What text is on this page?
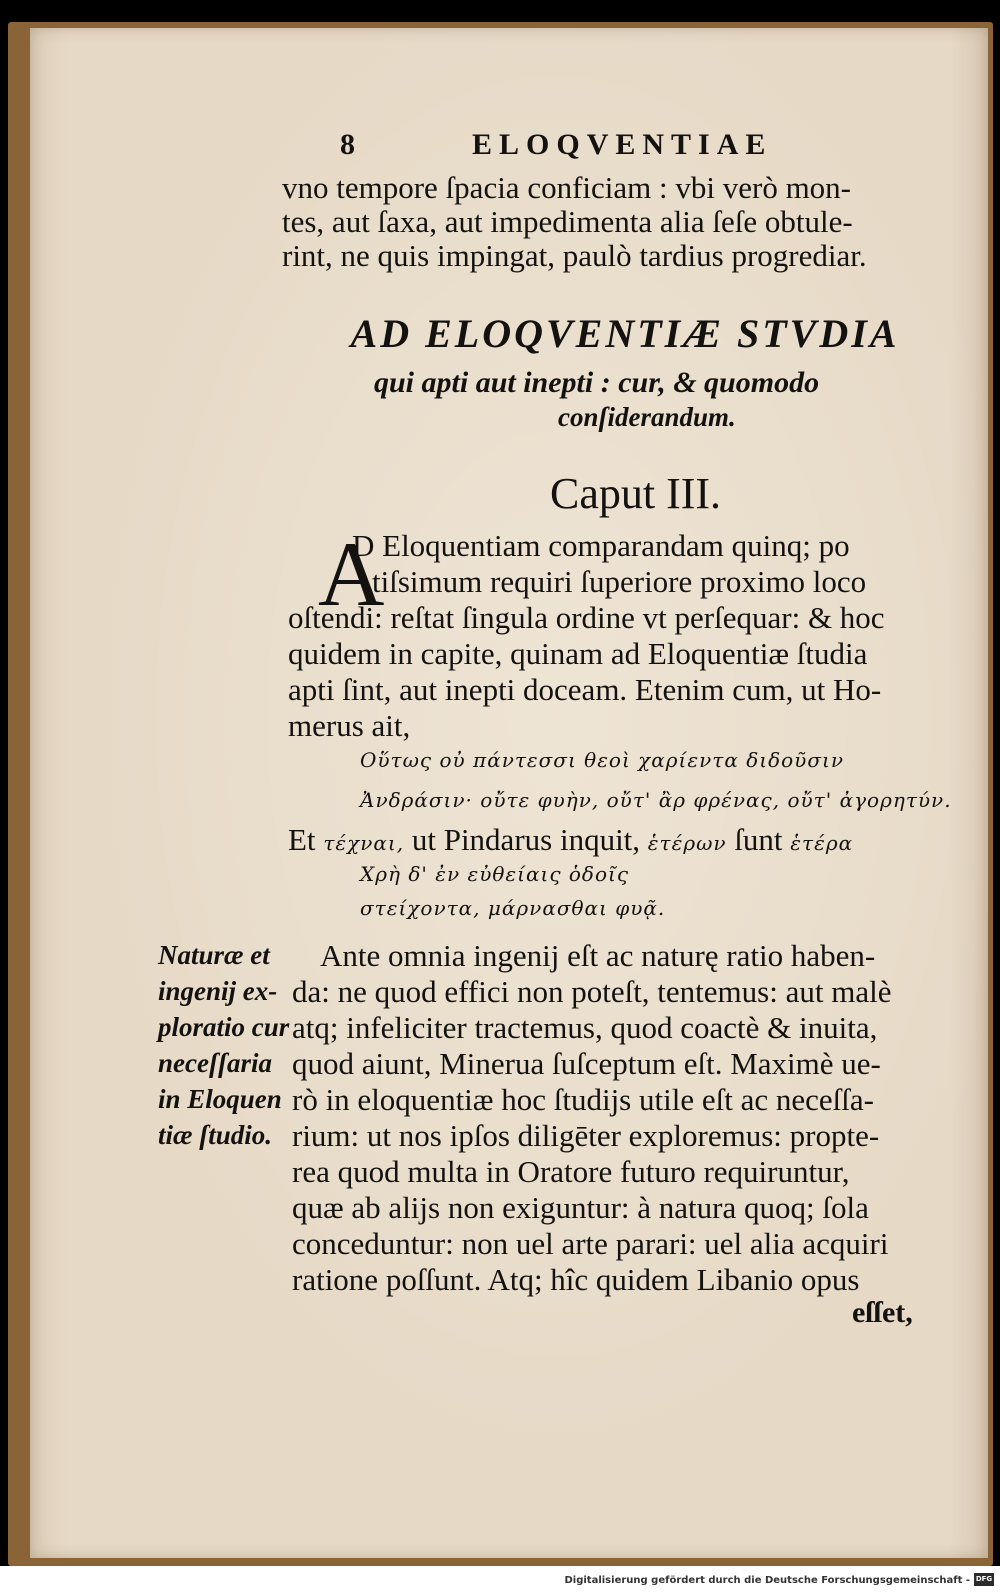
8	ELOQVENTIAE
vno tempore ſpacia conficiam : vbi verò mon-
tes, aut ſaxa, aut impedimenta alia ſeſe obtule-
rint, ne quis impingat, paulò tardius progrediar.
AD ELOQVENTIÆ STVDIA
qui apti aut inepti : cur, & quomodo
conſiderandum.
Caput III.
A
D Eloquentiam comparandam quinq; po
tiſsimum requiri ſuperiore proximo loco
oſtendi: reſtat ſingula ordine vt perſequar: & hoc
quidem in capite, quinam ad Eloquentiæ ſtudia
apti ſint, aut inepti doceam. Etenim cum, ut Ho-
merus ait,
Οὕτως οὐ πάντεσσι θεοὶ χαρίεντα διδοῦσιν
Ἀνδράσιν· οὔτε φυὴν, οὔτ' ἂρ φρένας, οὔτ' ἀγορητύν.
Et τέχναι, ut Pindarus inquit, ἑτέρων ſunt ἑτέρα
Χρὴ δ' ἐν εὐθείαις ὁδοῖς
στείχοντα, μάρνασθαι φυᾷ.
Naturæ et
ingenij ex-
ploratio cur
neceſſaria
in Eloquen
tiæ ſtudio.
Ante omnia ingenij eſt ac naturę ratio haben-
da: ne quod effici non poteſt, tentemus: aut malè
atq; infeliciter tractemus, quod coactè & inuita,
quod aiunt, Minerua ſuſceptum eſt. Maximè ue-
rò in eloquentiæ hoc ſtudijs utile eſt ac neceſſa-
rium: ut nos ipſos diligēter exploremus: propte-
rea quod multa in Oratore futuro requiruntur,
quæ ab alijs non exiguntur: à natura quoq; ſola
conceduntur: non uel arte parari: uel alia acquiri
ratione poſſunt. Atq; hîc quidem Libanio opus
eſſet,
Digitalisierung gefördert durch die Deutsche Forschungsgemeinschaft - DFG
